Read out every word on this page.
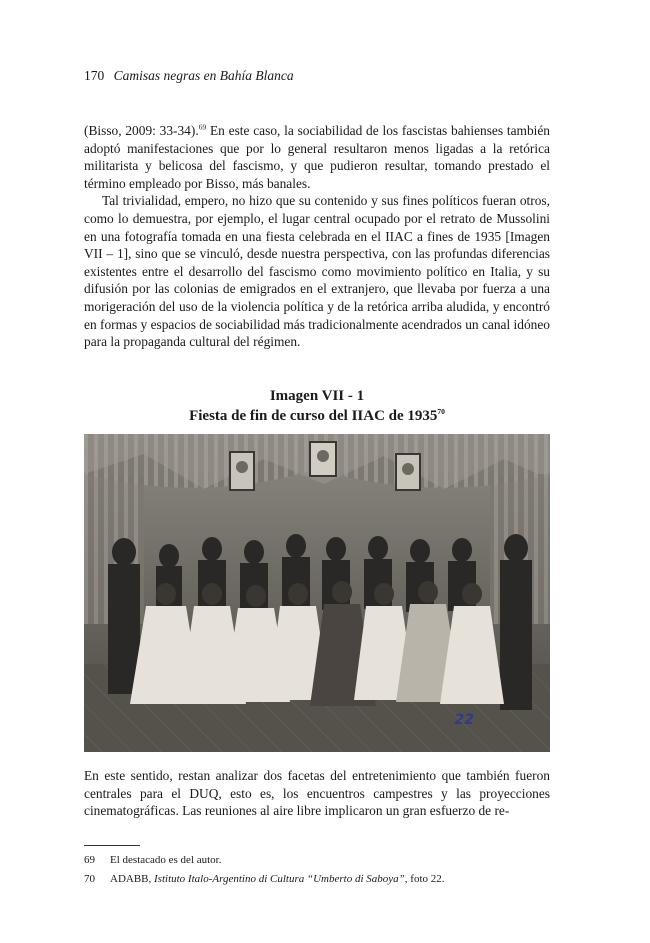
170 Camisas negras en Bahía Blanca

(Bisso, 2009: 33-34).$^{69}$ En este caso, la sociabilidad de los fascistas bahienses también adoptó manifestaciones que por lo general resultaron menos ligadas a la retórica militarista y belicosa del fascismo, y que pudieron resultar, tomando prestado el término empleado por Bisso, más banales.

Tal trivialidad, empero, no hizo que su contenido y sus fines políticos fueran otros, como lo demuestra, por ejemplo, el lugar central ocupado por el retrato de Mussolini en una fotografía tomada en una fiesta celebrada en el IIAC a fines de 1935 [Imagen VII – 1], sino que se vinculó, desde nuestra perspectiva, con las profundas diferencias existentes entre el desarrollo del fascismo como movimiento político en Italia, y su difusión por las colonias de emigrados en el extranjero, que llevaba por fuerza a una morigeración del uso de la violencia política y de la retórica arriba aludida, y encontró en formas y espacios de sociabilidad más tradicionalmente acendrados un canal idóneo para la propaganda cultural del régimen.

Imagen VII - 1
Fiesta de fin de curso del IIAC de 1935$^{70}$
22

En este sentido, restan analizar dos facetas del entretenimiento que también fueron centrales para el DUQ, esto es, los encuentros campestres y las proyecciones cinematográficas. Las reuniones al aire libre implicaron un gran esfuerzo de re-

69	El destacado es del autor.
70	ADABB, Istituto Italo-Argentino di Cultura “Umberto di Saboya”, foto 22.
